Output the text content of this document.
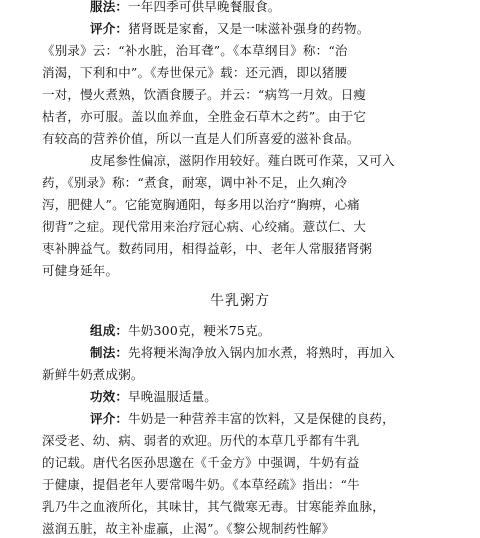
服法：一年四季可供早晚餐服食。
评介：猪肾既是家畜，又是一味滋补强身的药物。
《别录》云：“补水脏，治耳聋”。《本草纲目》称：“治
消渴，下利和中”。《寿世保元》载：还元酒，即以猪腰
一对，慢火煮熟，饮酒食腰子。并云：“病笃一月效。日瘦
枯者，亦可服。盖以血养血，全胜金石草木之药”。由于它
有较高的营养价值，所以一直是人们所喜爱的滋补食品。
皮尾参性偏凉，滋阴作用较好。薤白既可作菜，又可入
药，《别录》称：“煮食，耐寒，调中补不足，止久痢冷
泻，肥健人”。它能宽胸通阳，每多用以治疗“胸痹，心痛
彻背”之症。现代常用来治疗冠心病、心绞痛。薏苡仁、大
枣补脾益气。数药同用，相得益彰，中、老年人常服猪肾粥
可健身延年。
牛乳粥方
组成：牛奶300克，粳米75克。
制法：先将粳米淘净放入锅内加水煮，将熟时，再加入
新鲜牛奶煮成粥。
功效：早晚温服适量。
评介：牛奶是一种营养丰富的饮料，又是保健的良药，
深受老、幼、病、弱者的欢迎。历代的本草几乎都有牛乳
的记载。唐代名医孙思邈在《千金方》中强调，牛奶有益
于健康，提倡老年人要常喝牛奶。《本草经疏》指出：“牛
乳乃牛之血液所化，其味甘，其气微寒无毒。甘寒能养血脉，
滋润五脏，故主补虚羸，止渴”。《黎公规制药性解》
